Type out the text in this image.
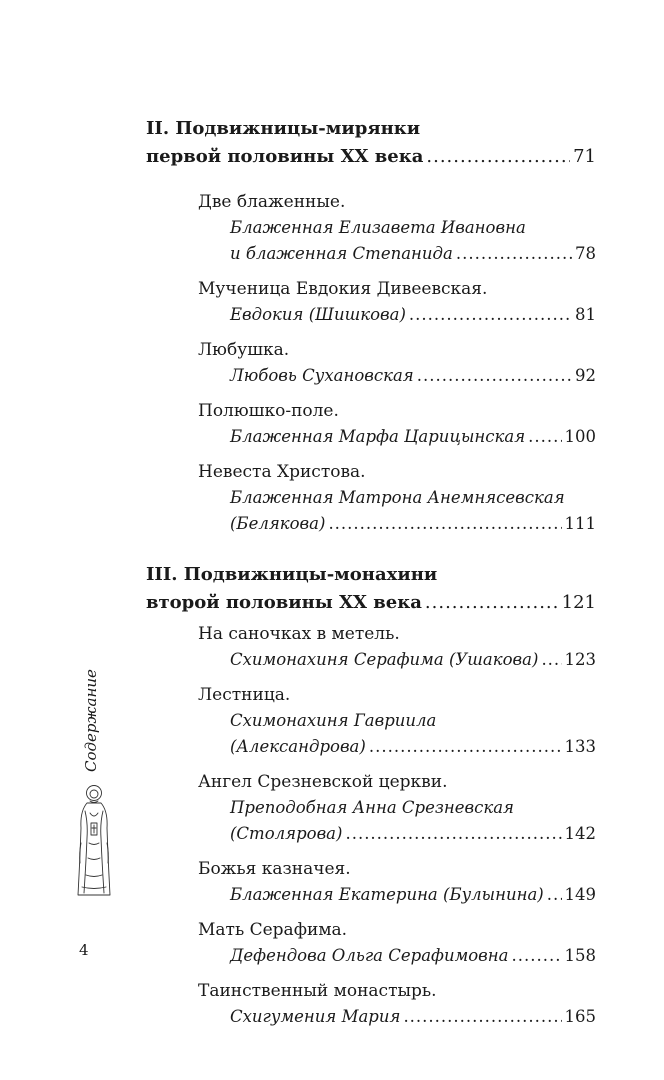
II. Подвижницы-мирянки
первой половины XX века .....	71
Две блаженные.
Блаженная Елизавета Ивановна
и блаженная Степанида .....	78
Мученица Евдокия Дивеевская.
Евдокия (Шишкова) .....	81
Любушка.
Любовь Сухановская .....	92
Полюшко-поле.
Блаженная Марфа Царицынская ..... 100
Невеста Христова.
Блаженная Матрона Анемнясевская
(Белякова) .....	111
III. Подвижницы-монахини
второй половины XX века .....	121
На саночках в метель.
Схимонахиня Серафима (Ушакова) ..... 123
Лестница.
Схимонахиня Гавриила
(Александрова) .....	133
Ангел Срезневской церкви.
Преподобная Анна Срезневская
(Столярова) .....	142
Божья казначея.
Блаженная Екатерина (Булынина) ..... 149
Мать Серафима.
Дефендова Ольга Серафимовна .....	158
Таинственный монастырь.
Схигумения Мария .....	165
Содержание
4
